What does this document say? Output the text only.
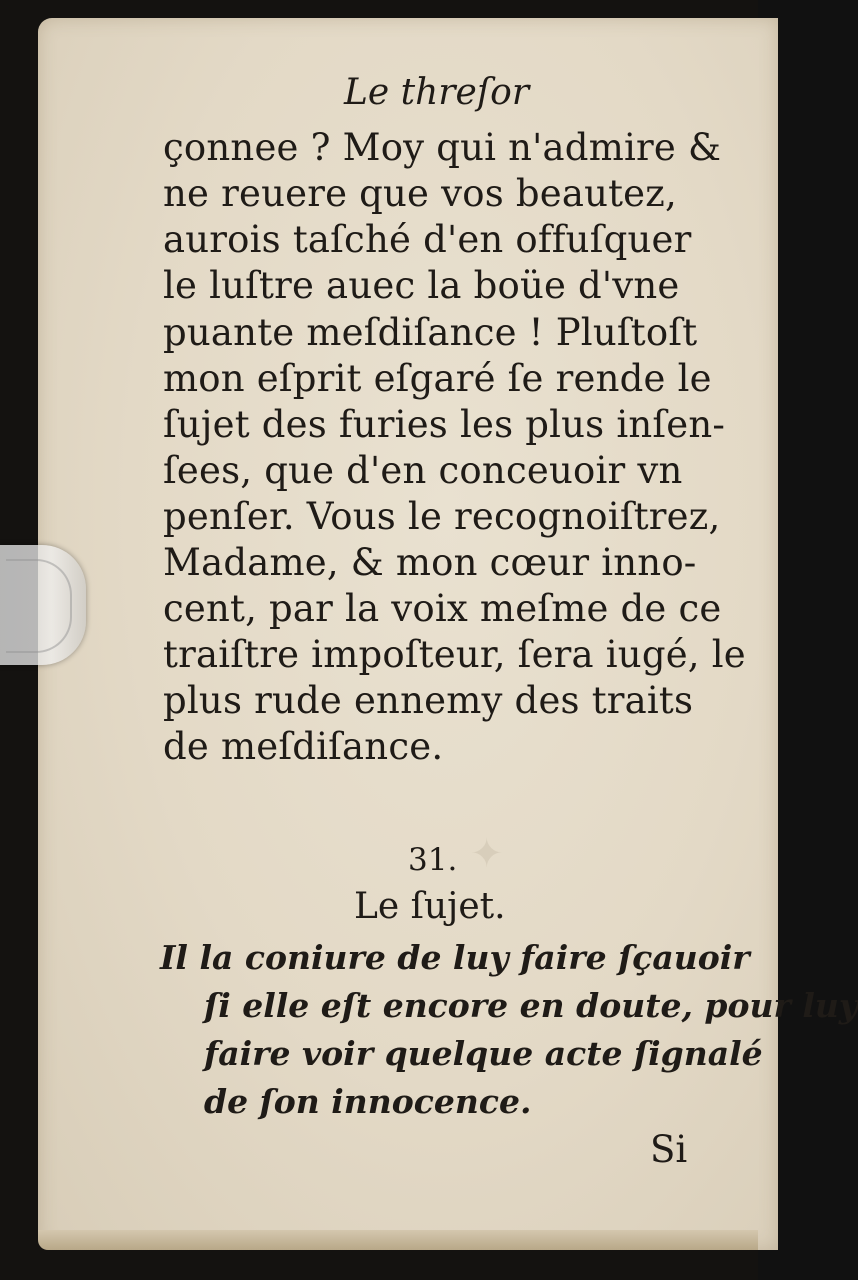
✦
Le threſor
çonnee ? Moy qui n'admire &
ne reuere que vos beautez,
aurois taſché d'en offuſquer
le luſtre auec la boüe d'vne
puante meſdiſance ! Pluſtoſt
mon eſprit eſgaré ſe rende le
ſujet des furies les plus inſen-
ſees, que d'en conceuoir vn
penſer. Vous le recognoiſtrez,
Madame, & mon cœur inno-
cent, par la voix meſme de ce
traiſtre impoſteur, ſera iugé, le
plus rude ennemy des traits
de meſdiſance.
31.
Le ſujet.
Il la coniure de luy faire ſçauoir
ſi elle eſt encore en doute, pour luy
faire voir quelque acte ſignalé
de ſon innocence.
Si
